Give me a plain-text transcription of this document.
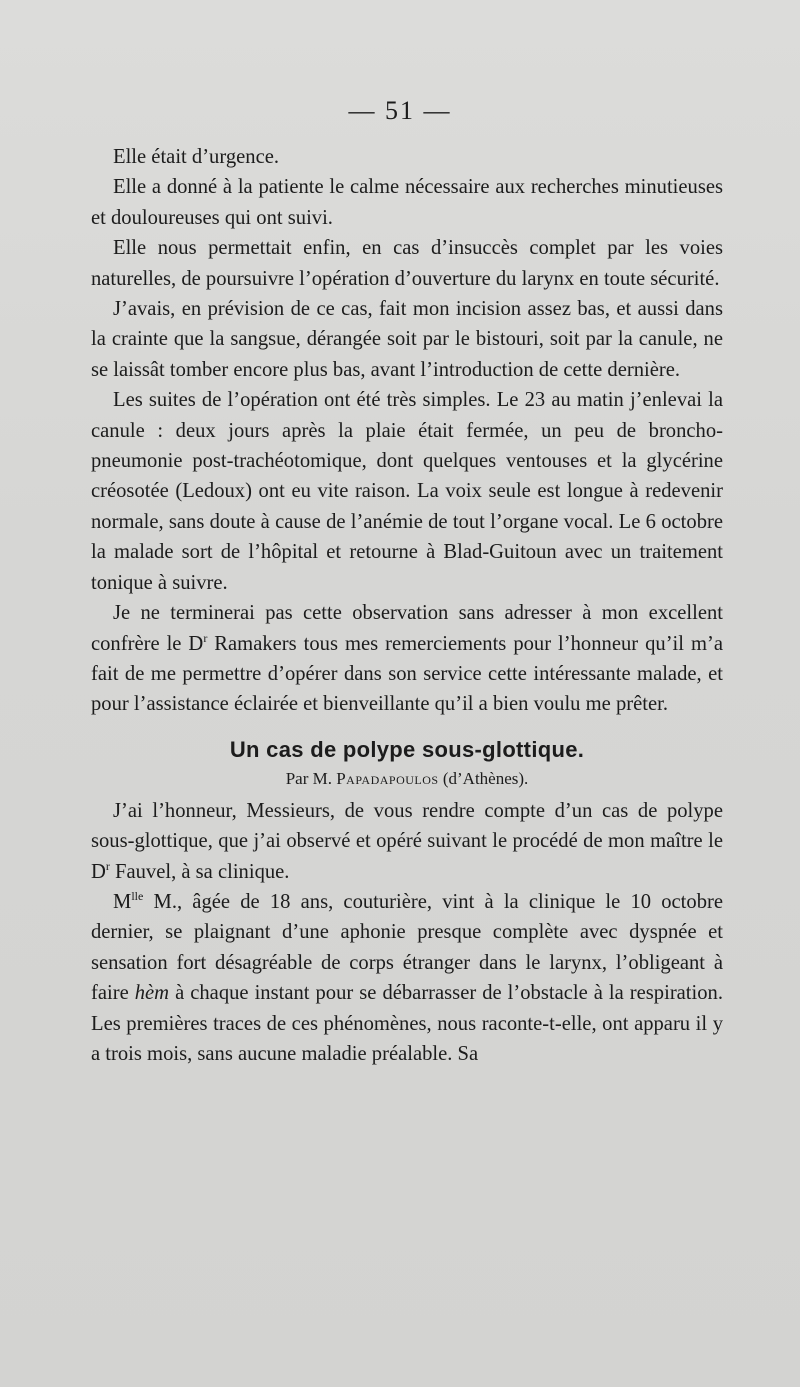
— 51 —

Elle était d’urgence.

Elle a donné à la patiente le calme nécessaire aux recherches minutieuses et douloureuses qui ont suivi.

Elle nous permettait enfin, en cas d’insuccès complet par les voies naturelles, de poursuivre l’opération d’ouverture du larynx en toute sécurité.

J’avais, en prévision de ce cas, fait mon incision assez bas, et aussi dans la crainte que la sangsue, dérangée soit par le bistouri, soit par la canule, ne se laissât tomber encore plus bas, avant l’introduction de cette dernière.

Les suites de l’opération ont été très simples. Le 23 au matin j’enlevai la canule : deux jours après la plaie était fermée, un peu de broncho-pneumonie post-trachéotomique, dont quelques ventouses et la glycérine créosotée (Ledoux) ont eu vite raison. La voix seule est longue à redevenir normale, sans doute à cause de l’anémie de tout l’organe vocal. Le 6 octobre la malade sort de l’hôpital et retourne à Blad-Guitoun avec un traitement tonique à suivre.

Je ne terminerai pas cette observation sans adresser à mon excellent confrère le $D^r$ Ramakers tous mes remerciements pour l’honneur qu’il m’a fait de me permettre d’opérer dans son service cette intéressante malade, et pour l’assistance éclairée et bienveillante qu’il a bien voulu me prêter.

Un cas de polype sous-glottique.
Par M. Papadapoulos (d’Athènes).

J’ai l’honneur, Messieurs, de vous rendre compte d’un cas de polype sous-glottique, que j’ai observé et opéré suivant le procédé de mon maître le $D^r$ Fauvel, à sa clinique.

$M^{lle}$ M., âgée de 18 ans, couturière, vint à la clinique le 10 octobre dernier, se plaignant d’une aphonie presque complète avec dyspnée et sensation fort désagréable de corps étranger dans le larynx, l’obligeant à faire hèm à chaque instant pour se débarrasser de l’obstacle à la respiration. Les premières traces de ces phénomènes, nous raconte-t-elle, ont apparu il y a trois mois, sans aucune maladie préalable. Sa
